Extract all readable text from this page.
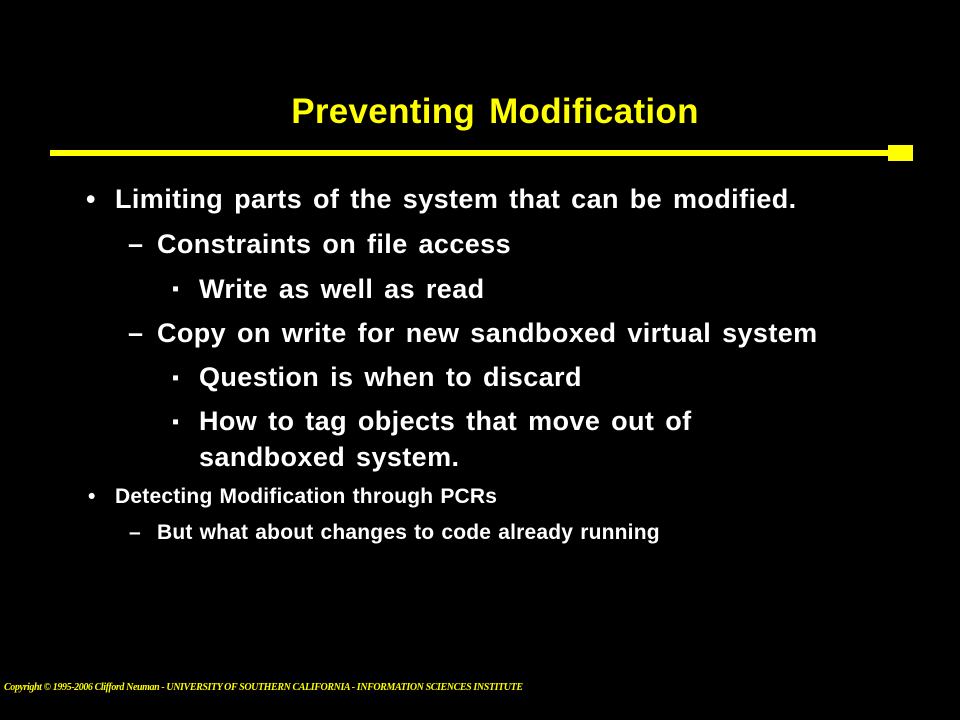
Preventing Modification
• Limiting parts of the system that can be modified.
– Constraints on file access
▪ Write as well as read
– Copy on write for new sandboxed virtual system
▪ Question is when to discard
▪ How to tag objects that move out of
sandboxed system.
• Detecting Modification through PCRs
– But what about changes to code already running
Copyright © 1995-2006 Clifford Neuman - UNIVERSITY OF SOUTHERN CALIFORNIA - INFORMATION SCIENCES INSTITUTE
